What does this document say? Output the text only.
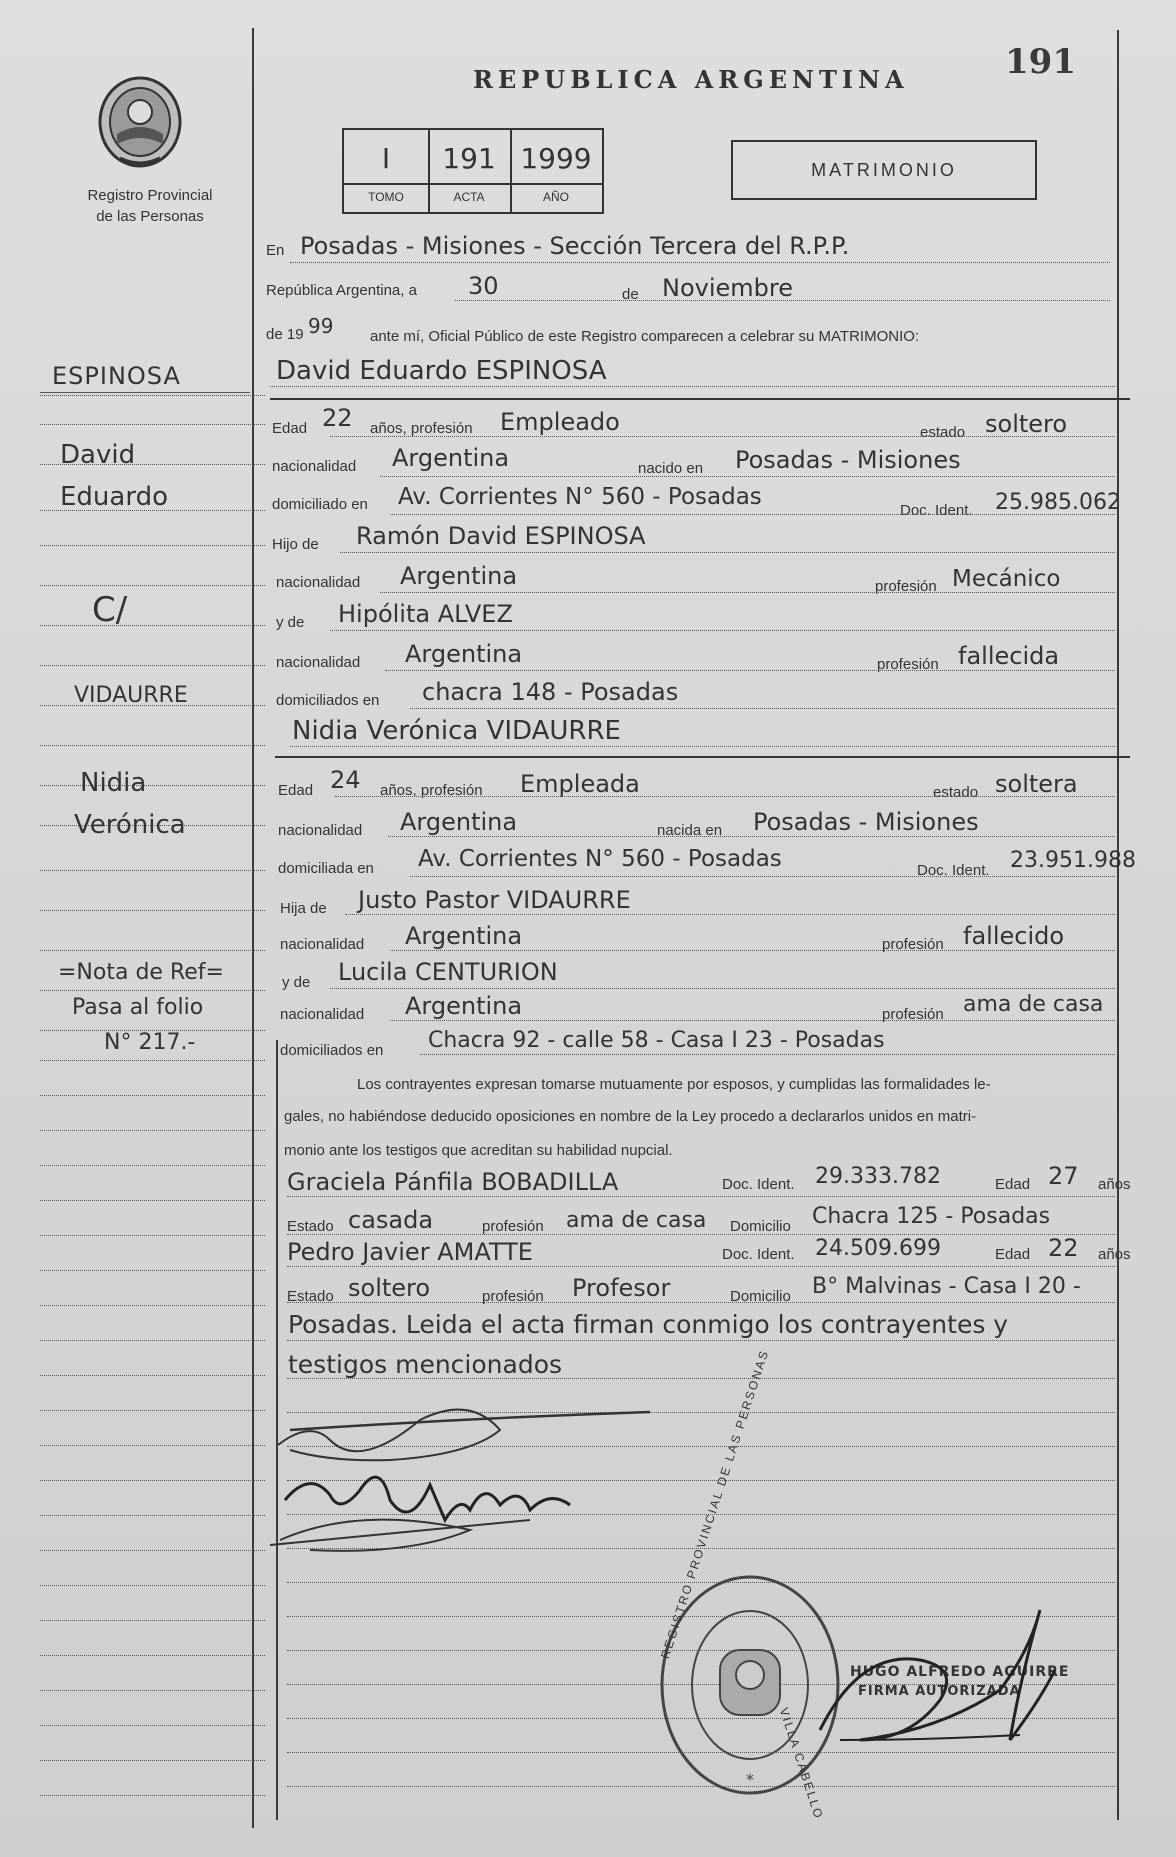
Registro Provincial
de las Personas
REPUBLICA ARGENTINA	191
I	191 1999
TOMO	ACTA	AÑO
MATRIMONIO
ESPINOSA
David
Eduardo
C/
VIDAURRE
Nidia
Verónica
=Nota de Ref=
Pasa al folio
N° 217.-
En Posadas - Misiones - Sección Tercera del R.P.P.
República Argentina, a 30	de Noviembre
de 19 99 ante mí, Oficial Público de este Registro comparecen a celebrar su MATRIMONIO:
David Eduardo ESPINOSA
Edad 22 años, profesión Empleado	estado soltero
nacionalidad Argentina	nacido en Posadas - Misiones
domiciliado en Av. Corrientes N° 560 - Posadas
Doc. Ident. 25.985.062
Hijo de Ramón David ESPINOSA
nacionalidad Argentina	profesión Mecánico
y de Hipólita ALVEZ
nacionalidad Argentina	profesión fallecida
domiciliados en chacra 148 - Posadas
Nidia Verónica VIDAURRE
Edad 24 años, profesión Empleada	estado soltera
nacionalidad Argentina	nacida en Posadas - Misiones
domiciliada en Av. Corrientes N° 560 - Posadas	Doc. Ident. 23.951.988
Hija de Justo Pastor VIDAURRE
nacionalidad Argentina	profesión fallecido
y de Lucila CENTURION
nacionalidad Argentina	profesión ama de casa
domiciliados en Chacra 92 - calle 58 - Casa I 23 - Posadas
Los contrayentes expresan tomarse mutuamente por esposos, y cumplidas las formalidades le-
gales, no habiéndose deducido oposiciones en nombre de la Ley procedo a declararlos unidos en matri-
monio ante los testigos que acreditan su habilidad nupcial.
Graciela Pánfila BOBADILLA	Doc. Ident. 29.333.782	Edad 27 años
Estado casada	profesión ama de casa Domicilio Chacra 125 - Posadas
Pedro Javier AMATTE	Doc. Ident. 24.509.699	Edad 22 años
Estado soltero	profesión Profesor	Domicilio B° Malvinas - Casa I 20 -
Posadas. Leida el acta firman conmigo los contrayentes y
testigos mencionados
*
REGISTRO PROVINCIAL DE LAS PERSONAS
VILLA CABELLO
HUGO ALFREDO AGUIRRE
FIRMA AUTORIZADA
